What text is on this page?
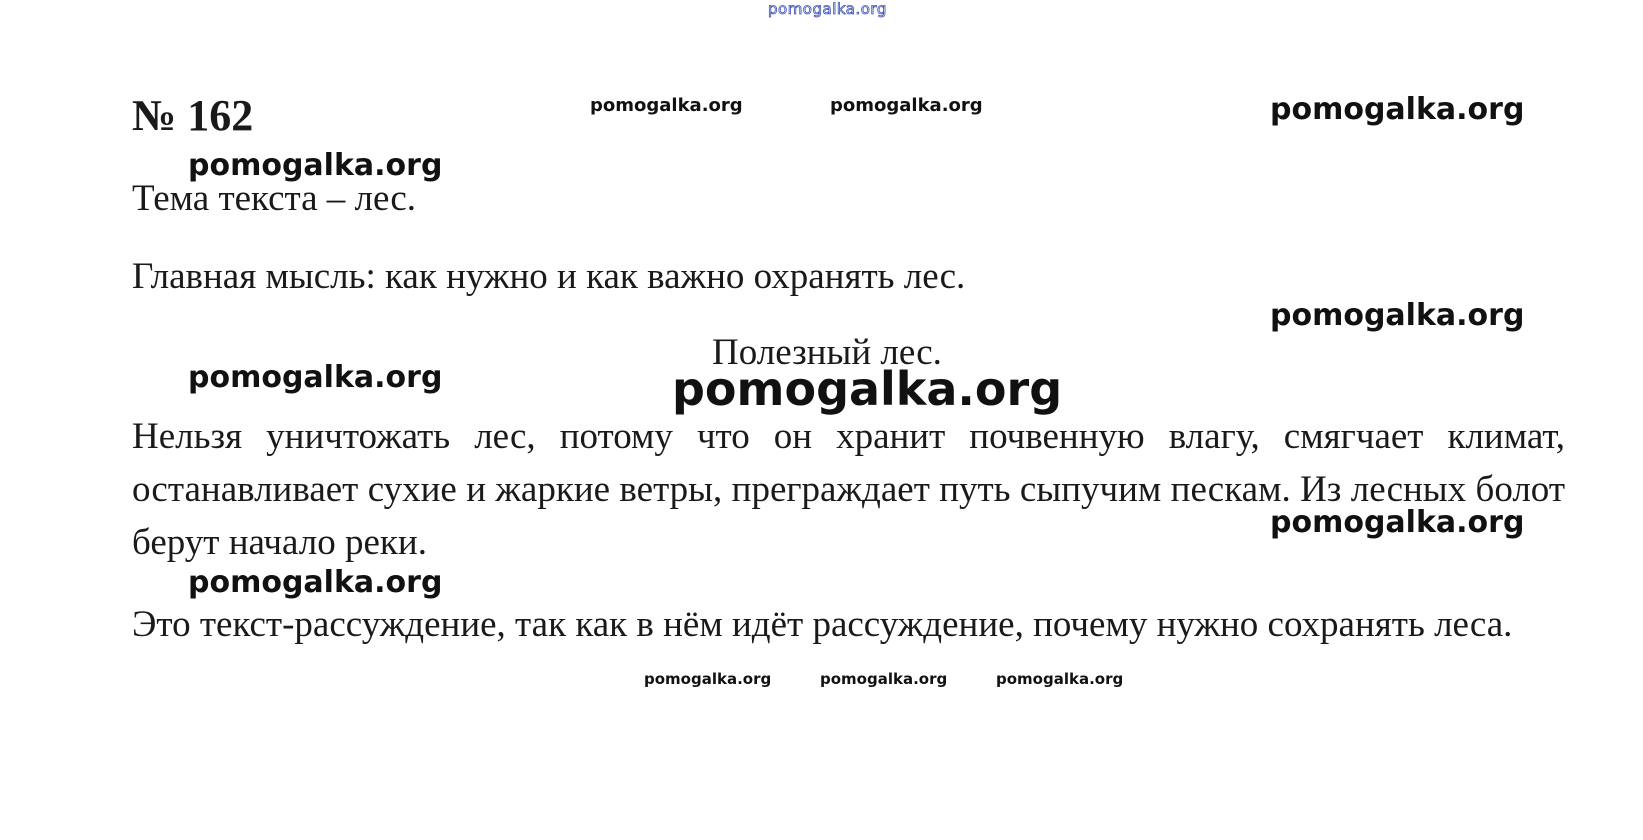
pomogalka.org
№ 162	pomogalka.org	pomogalka.org	pomogalka.org
pomogalka.org
Тема текста – лес.
Главная мысль: как нужно и как важно охранять лес.
pomogalka.org
Полезный лес.
pomogalka.org	pomogalka.org
Нельзя уничтожать лес, потому что он хранит почвенную влагу, смягчает климат, останавливает сухие и жаркие ветры, преграждает путь сыпучим пескам. Из лесных болот берут начало реки.	pomogalka.org
pomogalka.org
Это текст-рассуждение, так как в нём идёт рассуждение, почему нужно сохранять леса.
pomogalka.org	pomogalka.org	pomogalka.org
